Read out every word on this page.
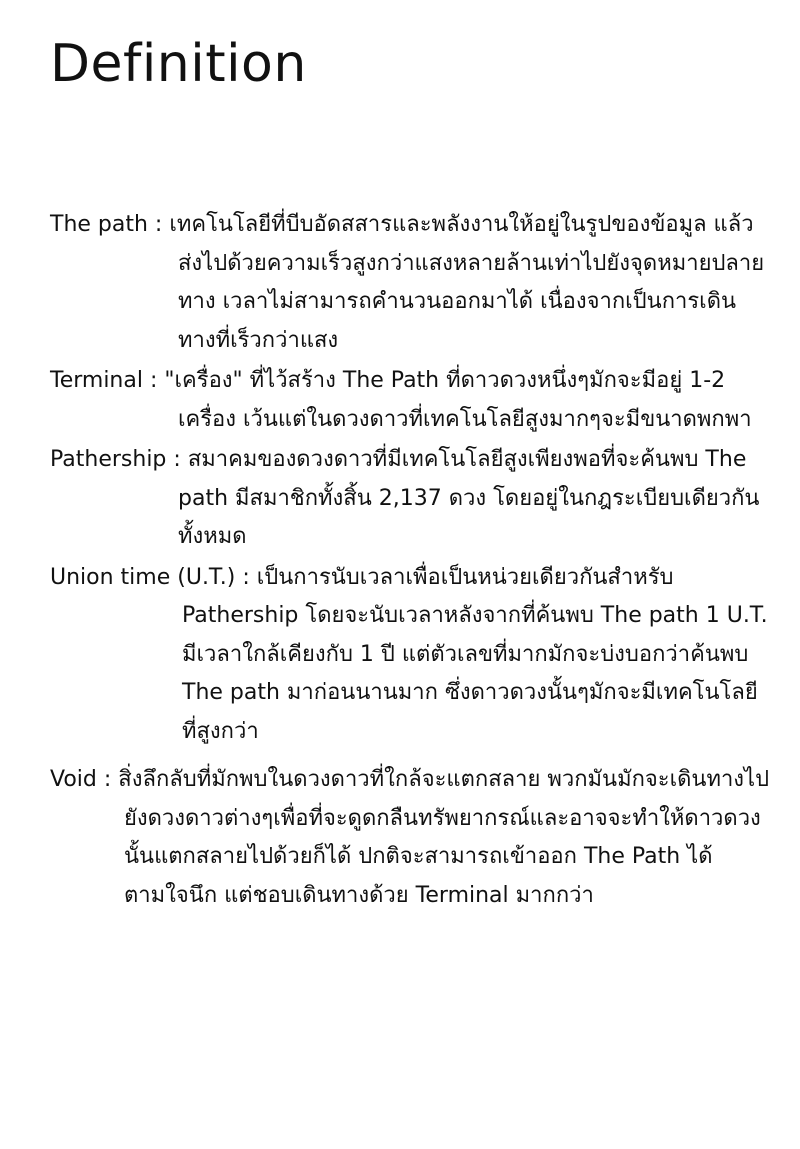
Definition

The path : เทคโนโลยีที่บีบอัดสสารและพลังงานให้อยู่ในรูปของข้อมูล แล้วส่งไปด้วยความเร็วสูงกว่าแสงหลายล้านเท่าไปยังจุดหมายปลายทาง เวลาไม่สามารถคำนวนออกมาได้ เนื่องจากเป็นการเดินทางที่เร็วกว่าแสง

Terminal : "เครื่อง" ที่ไว้สร้าง The Path ที่ดาวดวงหนึ่งๆมักจะมีอยู่ 1-2 เครื่อง เว้นแต่ในดวงดาวที่เทคโนโลยีสูงมากๆจะมีขนาดพกพา

Pathership : สมาคมของดวงดาวที่มีเทคโนโลยีสูงเพียงพอที่จะค้นพบ The path มีสมาชิกทั้งสิ้น 2,137 ดวง โดยอยู่ในกฎระเบียบเดียวกันทั้งหมด

Union time (U.T.) : เป็นการนับเวลาเพื่อเป็นหน่วยเดียวกันสำหรับ Pathership โดยจะนับเวลาหลังจากที่ค้นพบ The path 1 U.T. มีเวลาใกล้เคียงกับ 1 ปี แต่ตัวเลขที่มากมักจะบ่งบอกว่าค้นพบ The path มาก่อนนานมาก ซึ่งดาวดวงนั้นๆมักจะมีเทคโนโลยีที่สูงกว่า

Void : สิ่งลึกลับที่มักพบในดวงดาวที่ใกล้จะแตกสลาย พวกมันมักจะเดินทางไปยังดวงดาวต่างๆเพื่อที่จะดูดกลืนทรัพยากรณ์และอาจจะทำให้ดาวดวงนั้นแตกสลายไปด้วยก็ได้ ปกติจะสามารถเข้าออก The Path ได้ตามใจนึก แต่ชอบเดินทางด้วย Terminal มากกว่า
